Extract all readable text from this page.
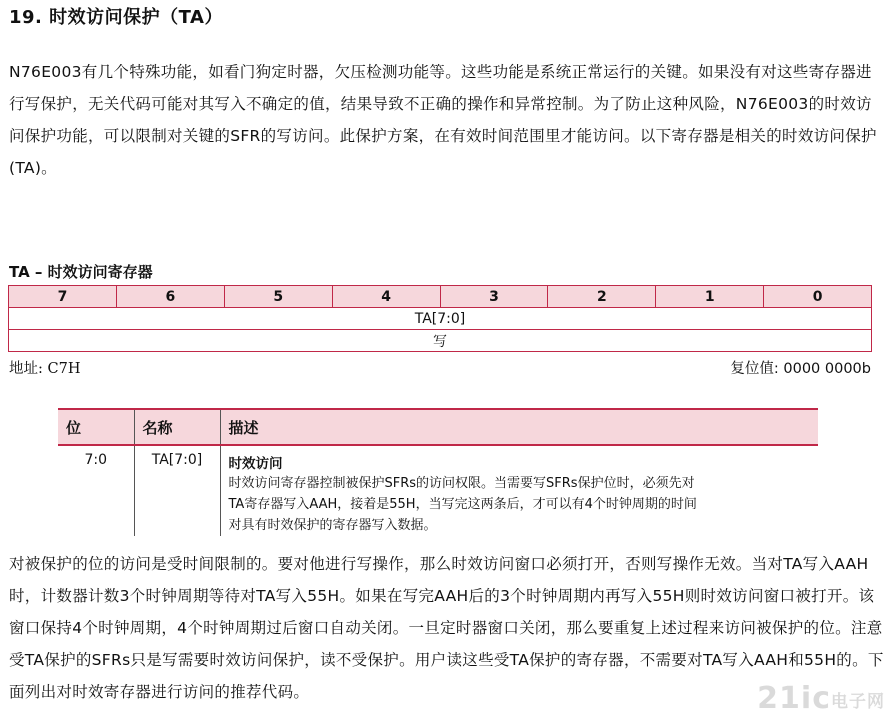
19. 时效访问保护（TA）

N76E003有几个特殊功能，如看门狗定时器，欠压检测功能等。这些功能是系统正常运行的关键。如果没有对这些寄存器进行写保护，无关代码可能对其写入不确定的值，结果导致不正确的操作和异常控制。为了防止这种风险，N76E003的时效访问保护功能，可以限制对关键的SFR的写访问。此保护方案，在有效时间范围里才能访问。以下寄存器是相关的时效访问保护(TA)。

TA – 时效访问寄存器
7	6	5	4	3	2	1	0
TA[7:0]
写
地址: C7H	复位值: 0000 0000b
位	名称	描述
7:0	TA[7:0]	时效访问
时效访问寄存器控制被保护SFRs的访问权限。当需要写SFRs保护位时，必须先对
TA寄存器写入AAH，接着是55H，当写完这两条后，才可以有4个时钟周期的时间
对具有时效保护的寄存器写入数据。

对被保护的位的访问是受时间限制的。要对他进行写操作，那么时效访问窗口必须打开，否则写操作无效。当对TA写入AAH时，计数器计数3个时钟周期等待对TA写入55H。如果在写完AAH后的3个时钟周期内再写入55H则时效访问窗口被打开。该窗口保持4个时钟周期，4个时钟周期过后窗口自动关闭。一旦定时器窗口关闭，那么要重复上述过程来访问被保护的位。注意受TA保护的SFRs只是写需要时效访问保护，读不受保护。用户读这些受TA保护的寄存器，不需要对TA写入AAH和55H的。下面列出对时效寄存器进行访问的推荐代码。	21ic电子网
